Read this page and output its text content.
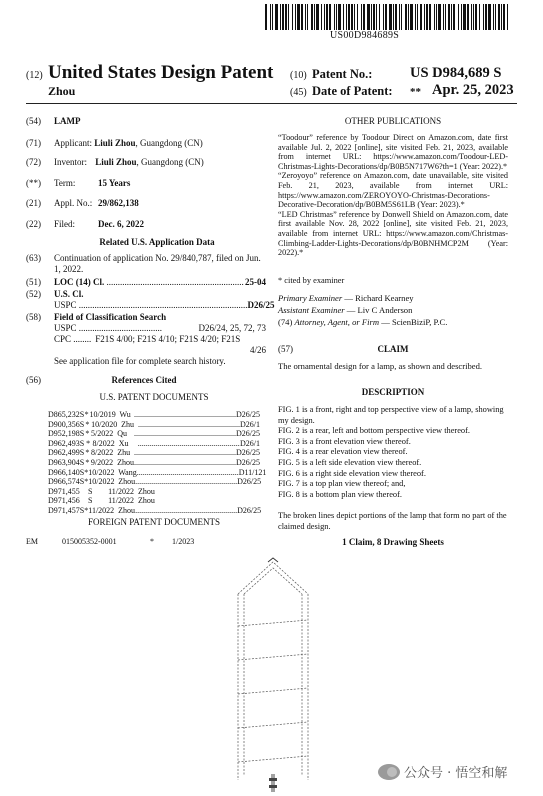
US00D984689S
(12) United States Design Patent
Zhou
(10) Patent No.:	US D984,689 S
(45) Date of Patent: ** Apr. 25, 2023
(54) LAMP
(71) Applicant: Liuli Zhou, Guangdong (CN)
(72) Inventor: Liuli Zhou, Guangdong (CN)
(**) Term:	15 Years
(21) Appl. No.: 29/862,138
(22) Filed:	Dec. 6, 2022
Related U.S. Application Data
(63) Continuation of application No. 29/840,787, filed on Jun. 1, 2022.
(51) LOC (14) Cl. ............................................................. 25-04
(52) U.S. Cl.
USPC ........................................................................... D26/25
(58) Field of Classification Search
USPC .....................................	D26/24, 25, 72, 73
CPC ........ F21S 4/00; F21S 4/10; F21S 4/20; F21S
4/26
See application file for complete search history.
(56)	References Cited
U.S. PATENT DOCUMENTS
D865,232 S * 10/2019 Wu ................................................... D26/25
D900,356 S * 10/2020 Zhu ................................................... D26/1
D952,198 S * 5/2022 Qu ................................................... D26/25
D962,493 S * 8/2022 Xu	................................................... D26/1
D962,499 S * 8/2022 Zhu ................................................... D26/25
D963,904 S * 9/2022 Zhou ................................................... D26/25
D966,140 S * 10/2022 Wang ................................................... D11/121
D966,574 S * 10/2022 Zhou ................................................... D26/25
D971,455	S	11/2022 Zhou
D971,456	S	11/2022 Zhou
D971,457 S * 11/2022 Zhou ................................................... D26/25
FOREIGN PATENT DOCUMENTS
EM	015005352-0001	*	1/2023
OTHER PUBLICATIONS
“Toodour” reference by Toodour Direct on Amazon.com, date first available Jul. 2, 2022 [online], site visited Feb. 21, 2023, available from internet URL: https://www.amazon.com/Toodour-LED-Christmas-Lights-Decorations/dp/B0B5N717W6?th=1 (Year: 2022).*
“Zeroyoyo” reference on Amazon.com, date unavailable, site visited Feb. 21, 2023, available from internet URL: https://www.amazon.com/ZEROYOYO-Christmas-Decorations-Decorative-Decoration/dp/B0BM5S61LB (Year: 2023).*
“LED Christmas” reference by Donwell Shield on Amazon.com, date first available Nov. 28, 2022 [online], site visited Feb. 21, 2023, available from internet URL: https://www.amazon.com/Christmas-Climbing-Ladder-Lights-Decorations/dp/B0BNHMCP2M (Year: 2022).*
* cited by examiner
Primary Examiner — Richard Kearney
Assistant Examiner — Liv C Anderson
(74) Attorney, Agent, or Firm — ScienBiziP, P.C.
(57)	CLAIM
The ornamental design for a lamp, as shown and described.
DESCRIPTION
FIG. 1 is a front, right and top perspective view of a lamp, showing my design.
FIG. 2 is a rear, left and bottom perspective view thereof.
FIG. 3 is a front elevation view thereof.
FIG. 4 is a rear elevation view thereof.
FIG. 5 is a left side elevation view thereof.
FIG. 6 is a right side elevation view thereof.
FIG. 7 is a top plan view thereof; and,
FIG. 8 is a bottom plan view thereof.
The broken lines depict portions of the lamp that form no part of the claimed design.
1 Claim, 8 Drawing Sheets
公众号 · 悟空和解
